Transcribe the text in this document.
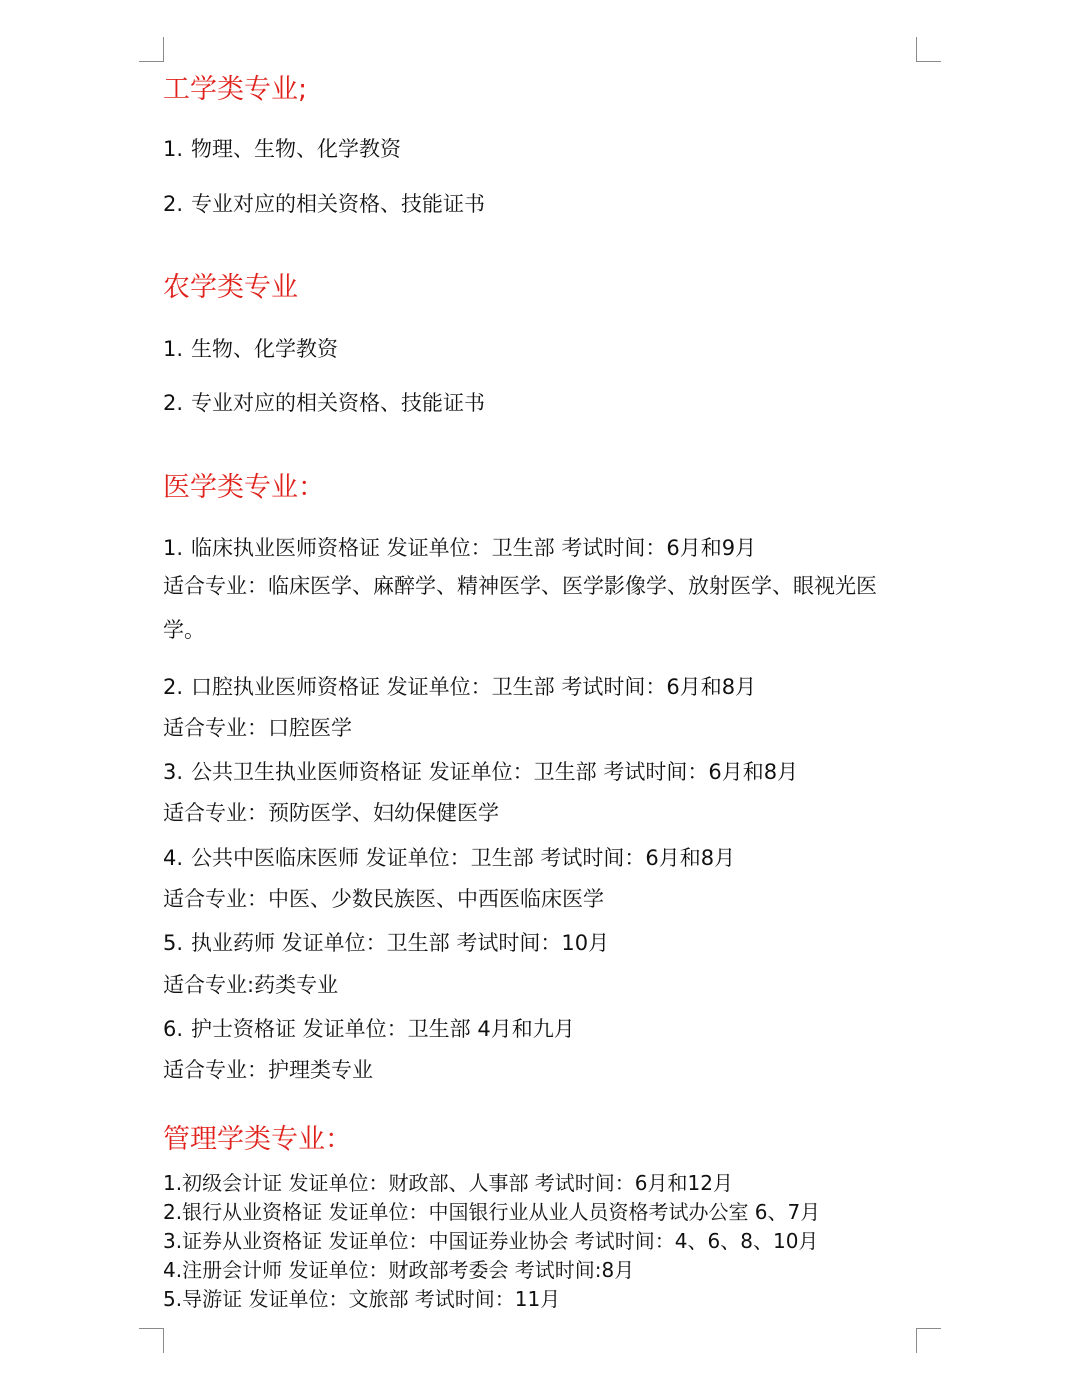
工学类专业;
1. 物理、生物、化学教资
2. 专业对应的相关资格、技能证书
农学类专业
1. 生物、化学教资
2. 专业对应的相关资格、技能证书
医学类专业：
1. 临床执业医师资格证 发证单位：卫生部 考试时间：6月和9月
适合专业：临床医学、麻醉学、精神医学、医学影像学、放射医学、眼视光医
学。
2. 口腔执业医师资格证 发证单位：卫生部 考试时间：6月和8月
适合专业：口腔医学
3. 公共卫生执业医师资格证 发证单位：卫生部 考试时间：6月和8月
适合专业：预防医学、妇幼保健医学
4. 公共中医临床医师 发证单位：卫生部 考试时间：6月和8月
适合专业：中医、少数民族医、中西医临床医学
5. 执业药师 发证单位：卫生部 考试时间：10月
适合专业:药类专业
6. 护士资格证 发证单位：卫生部 4月和九月
适合专业：护理类专业
管理学类专业：
1.初级会计证 发证单位：财政部、人事部 考试时间：6月和12月
2.银行从业资格证 发证单位：中国银行业从业人员资格考试办公室 6、7月
3.证券从业资格证 发证单位：中国证券业协会 考试时间：4、6、8、10月
4.注册会计师 发证单位：财政部考委会 考试时间:8月
5.导游证 发证单位：文旅部 考试时间：11月
